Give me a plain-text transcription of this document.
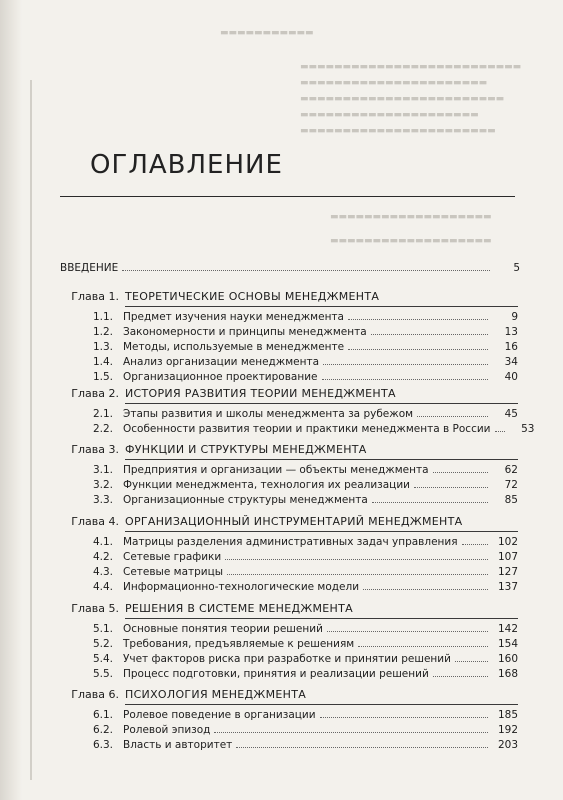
▬▬▬▬▬▬▬▬▬▬▬
▬▬▬▬▬▬▬▬▬▬▬▬▬▬▬▬▬▬▬▬▬▬▬▬▬▬
▬▬▬▬▬▬▬▬▬▬▬▬▬▬▬▬▬▬▬▬▬▬
▬▬▬▬▬▬▬▬▬▬▬▬▬▬▬▬▬▬▬▬▬▬▬▬
▬▬▬▬▬▬▬▬▬▬▬▬▬▬▬▬▬▬▬▬▬
▬▬▬▬▬▬▬▬▬▬▬▬▬▬▬▬▬▬▬▬▬▬▬
▬▬▬▬▬▬▬▬▬▬▬▬▬▬▬▬▬▬▬
▬▬▬▬▬▬▬▬▬▬▬▬▬▬▬▬▬▬▬
ОГЛАВЛЕНИЕ
ВВЕДЕНИЕ	5
Глава 1. ТЕОРЕТИЧЕСКИЕ ОСНОВЫ МЕНЕДЖМЕНТА
1.1. Предмет изучения науки менеджмента	9
1.2. Закономерности и принципы менеджмента	13
1.3. Методы, используемые в менеджменте	16
1.4. Анализ организации менеджмента	34
1.5. Организационное проектирование	40
Глава 2. ИСТОРИЯ РАЗВИТИЯ ТЕОРИИ МЕНЕДЖМЕНТА
2.1. Этапы развития и школы менеджмента за рубежом	45
2.2. Особенности развития теории и практики менеджмента в России	53
Глава 3. ФУНКЦИИ И СТРУКТУРЫ МЕНЕДЖМЕНТА
3.1. Предприятия и организации — объекты менеджмента	62
3.2. Функции менеджмента, технология их реализации	72
3.3. Организационные структуры менеджмента	85
Глава 4. ОРГАНИЗАЦИОННЫЙ ИНСТРУМЕНТАРИЙ МЕНЕДЖМЕНТА
4.1. Матрицы разделения административных задач управления	102
4.2. Сетевые графики	107
4.3. Сетевые матрицы	127
4.4. Информационно-технологические модели	137
Глава 5. РЕШЕНИЯ В СИСТЕМЕ МЕНЕДЖМЕНТА
5.1. Основные понятия теории решений	142
5.2. Требования, предъявляемые к решениям	154
5.4. Учет факторов риска при разработке и принятии решений	160
5.5. Процесс подготовки, принятия и реализации решений	168
Глава 6. ПСИХОЛОГИЯ МЕНЕДЖМЕНТА
6.1. Ролевое поведение в организации	185
6.2. Ролевой эпизод	192
6.3. Власть и авторитет	203
